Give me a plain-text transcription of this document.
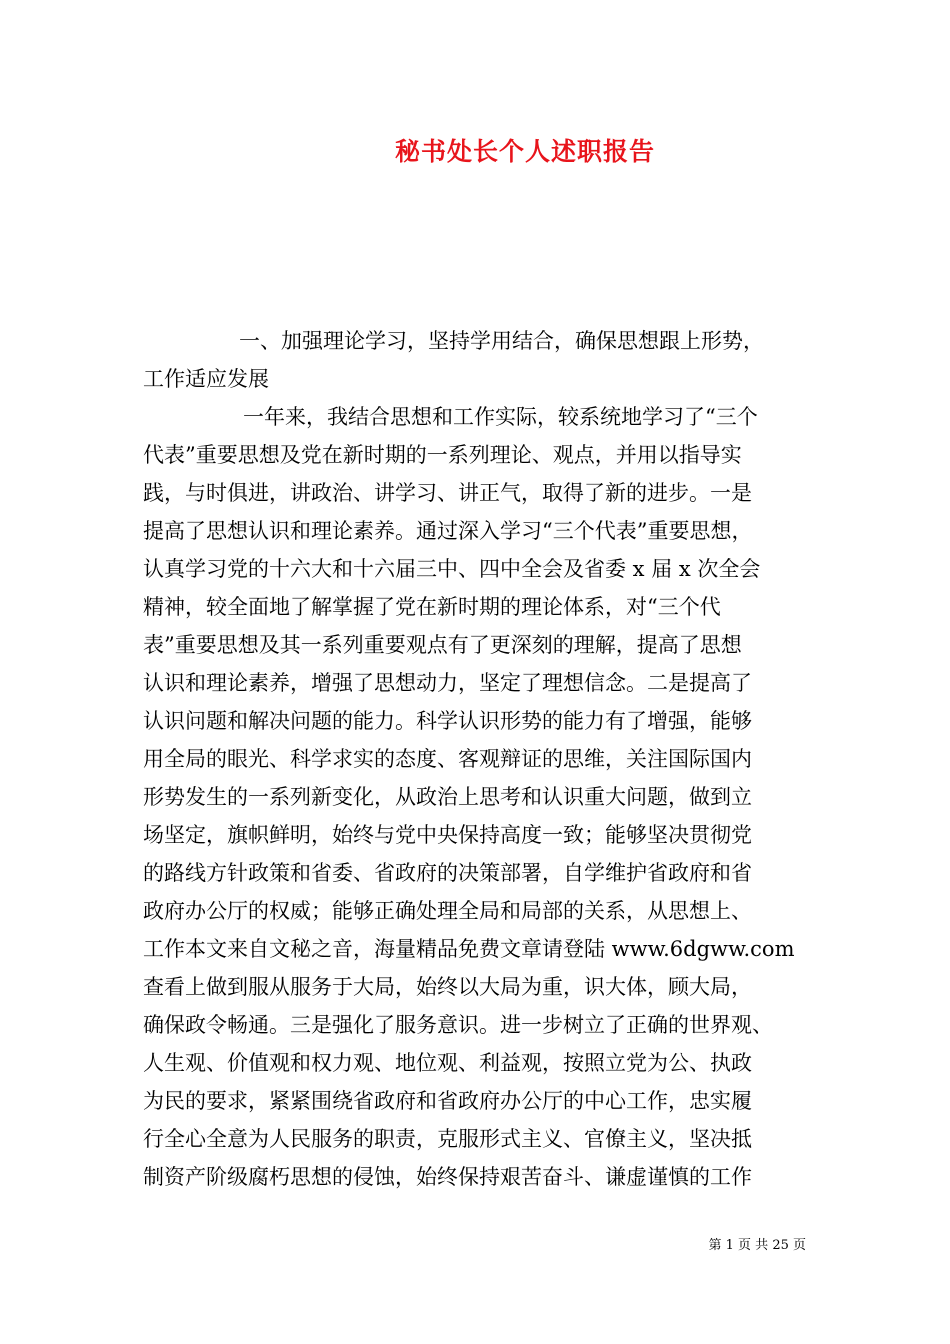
秘书处长个人述职报告
一、加强理论学习，坚持学用结合，确保思想跟上形势，
工作适应发展
一年来，我结合思想和工作实际，较系统地学习了“三个
代表”重要思想及党在新时期的一系列理论、观点，并用以指导实
践，与时俱进，讲政治、讲学习、讲正气，取得了新的进步。一是
提高了思想认识和理论素养。通过深入学习“三个代表”重要思想，
认真学习党的十六大和十六届三中、四中全会及省委 x 届 x 次全会
精神，较全面地了解掌握了党在新时期的理论体系，对“三个代
表”重要思想及其一系列重要观点有了更深刻的理解，提高了思想
认识和理论素养，增强了思想动力，坚定了理想信念。二是提高了
认识问题和解决问题的能力。科学认识形势的能力有了增强，能够
用全局的眼光、科学求实的态度、客观辩证的思维，关注国际国内
形势发生的一系列新变化，从政治上思考和认识重大问题，做到立
场坚定，旗帜鲜明，始终与党中央保持高度一致；能够坚决贯彻党
的路线方针政策和省委、省政府的决策部署，自学维护省政府和省
政府办公厅的权威；能够正确处理全局和局部的关系，从思想上、
工作本文来自文秘之音，海量精品免费文章请登陆 www.6dgww.com
查看上做到服从服务于大局，始终以大局为重，识大体，顾大局，
确保政令畅通。三是强化了服务意识。进一步树立了正确的世界观、
人生观、价值观和权力观、地位观、利益观，按照立党为公、执政
为民的要求，紧紧围绕省政府和省政府办公厅的中心工作，忠实履
行全心全意为人民服务的职责，克服形式主义、官僚主义，坚决抵
制资产阶级腐朽思想的侵蚀，始终保持艰苦奋斗、谦虚谨慎的工作
第 1 页 共 25 页
